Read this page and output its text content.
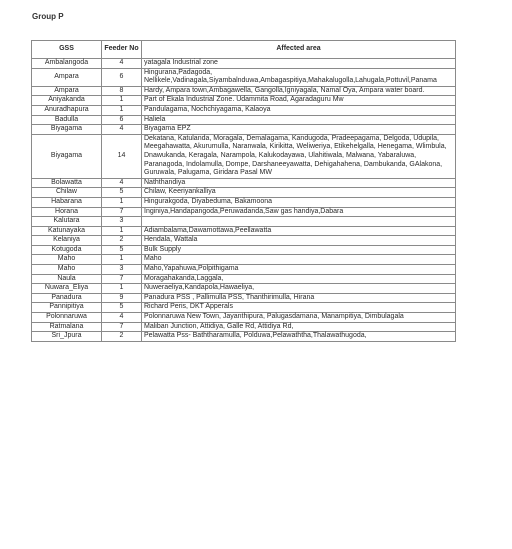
Group P
GSS	Feeder No	Affected area
Ambalangoda	4	yatagala Industrial zone
Ampara	6	Hingurana,Padagoda, Nellikele,Vadinagala,Siyambalnduwa,Ambagaspitiya,Mahakalugolla,Lahugala,Pottuvil,Panama
Ampara	8	Hardy, Ampara town,Ambagawella, Gangolla,Igniyagala, Namal Oya, Ampara water board.
Aniyakanda	1	Part of Ekala Industrial Zone. Udammita Road, Agaradaguru Mw
Anuradhapura	1	Pandulagama, Nochchiyagama, Kalaoya
Badulla	6	Haliela
Biyagama	4	Biyagama EPZ
Biyagama	14	Dekatana, Katulanda, Moragala, Demalagama, Kandugoda, Pradeepagama, Delgoda, Udupila, Meegahawatta, Akurumulla, Naranwala, Kirikitta, Weliweriya, Etikehelgalla, Henegama, Wlimbula, Dnawukanda, Keragala, Narampola, Kalukodayawa, Ulahitiwala, Malwana, Yabaraluwa, Paranagoda, Indolamulla, Dompe, Darshaneeyawatta, Dehigahahena, Dambukanda, GAlakona, Guruwala, Palugama, Giridara Pasal MW
Bolawatta	4	Naththandiya
Chilaw	5	Chilaw, Keeriyankalliya
Habarana	1	Hingurakgoda, Diyabeduma, Bakamoona
Horana	7	Inginiya,Handapangoda,Peruwadanda,Saw gas handiya,Dabara
Kalutara	3	
Katunayaka	1	Adiambalama,Dawamottawa,Peellawatta
Kelaniya	2	Hendala, Wattala
Kotugoda	5	Bulk Supply
Maho	1	Maho
Maho	3	Maho,Yapahuwa,Polpithigama
Naula	7	Moragahakanda,Laggala,
Nuwara_Eliya	1	Nuweraeliya,Kandapola,Hawaeliya,
Panadura	9	Panadura PSS , Pallimulla PSS, Thanthirimulla, Hirana
Pannipitiya	5	Richard Peris, DKT Apperals
Polonnaruwa	4	Polonnaruwa New Town, Jayanthipura, Palugasdamana, Manampitiya, Dimbulagala
Ratmalana	7	Maliban Junction, Attidiya, Galle Rd, Attidiya Rd,
Sri_Jpura	2	Pelawatta Pss- Baththaramulla, Polduwa,Pelawaththa,Thalawathugoda,
